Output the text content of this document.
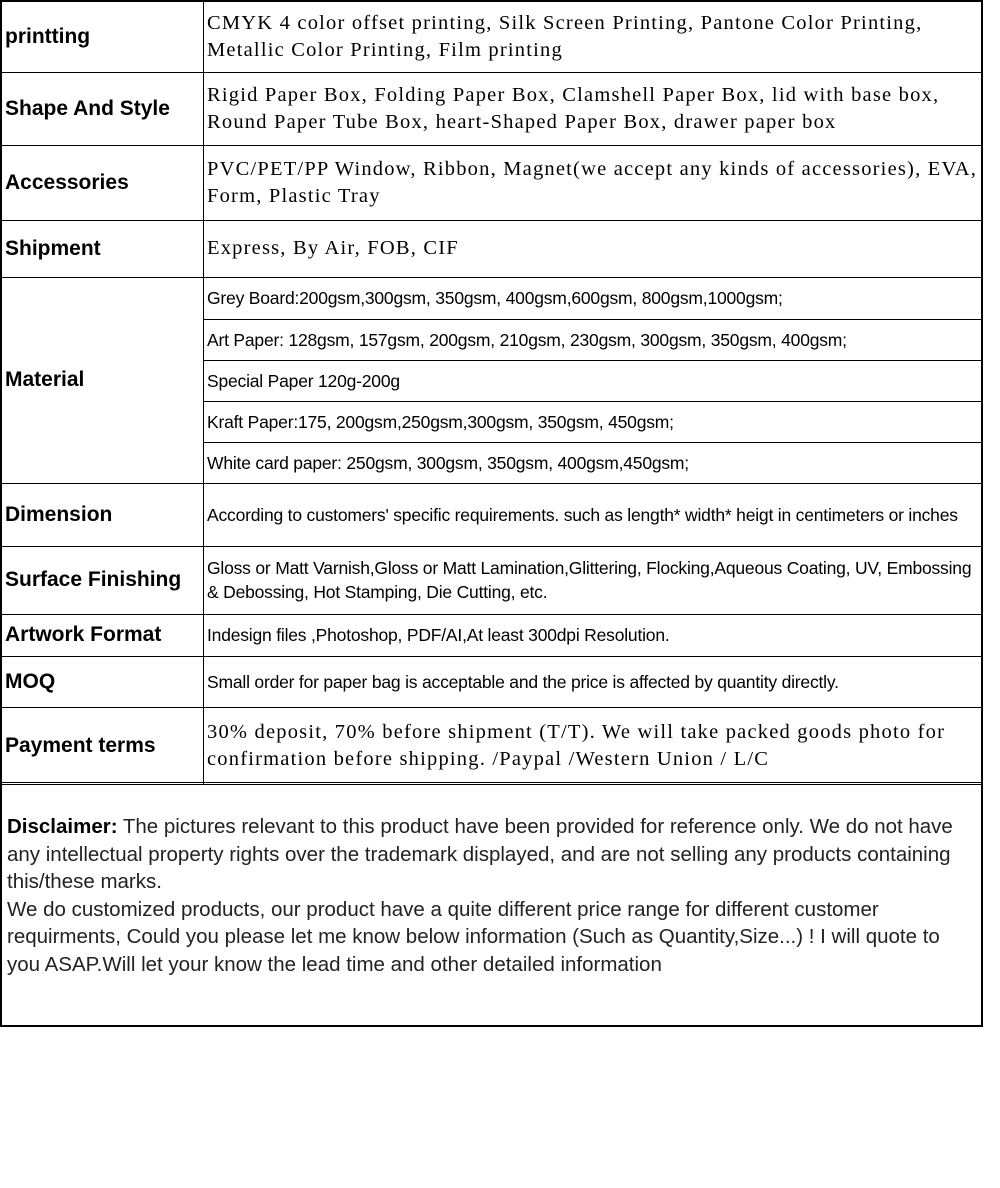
printting	CMYK 4 color offset printing, Silk Screen Printing, Pantone Color Printing, Metallic Color Printing, Film printing
Shape And Style	Rigid Paper Box, Folding Paper Box, Clamshell Paper Box, lid with base box, Round Paper Tube Box, heart-Shaped Paper Box, drawer paper box
Accessories	PVC/PET/PP Window, Ribbon, Magnet(we accept any kinds of accessories), EVA, Form, Plastic Tray
Shipment	Express, By Air, FOB, CIF
Material	Grey Board:200gsm,300gsm, 350gsm, 400gsm,600gsm, 800gsm,1000gsm;
	Art Paper: 128gsm, 157gsm, 200gsm, 210gsm, 230gsm, 300gsm, 350gsm, 400gsm;
	Special Paper 120g-200g
	Kraft Paper:175, 200gsm,250gsm,300gsm, 350gsm, 450gsm;
	White card paper: 250gsm, 300gsm, 350gsm, 400gsm,450gsm;
Dimension	According to customers' specific requirements. such as length* width* heigt in centimeters or inches
Surface Finishing	Gloss or Matt Varnish,Gloss or Matt Lamination,Glittering, Flocking,Aqueous Coating, UV, Embossing & Debossing, Hot Stamping, Die Cutting, etc.
Artwork Format	Indesign files ,Photoshop, PDF/AI,At least 300dpi Resolution.
MOQ	Small order for paper bag is acceptable and the price is affected by quantity directly.
Payment terms	30% deposit, 70% before shipment (T/T). We will take packed goods photo for confirmation before shipping. /Paypal /Western Union / L/C

Disclaimer: The pictures relevant to this product have been provided for reference only. We do not have any intellectual property rights over the trademark displayed, and are not selling any products containing this/these marks.

We do customized products, our product have a quite different price range for different customer requirments, Could you please let me know below information (Such as Quantity,Size...) ! I will quote to you ASAP.Will let your know the lead time and other detailed information
